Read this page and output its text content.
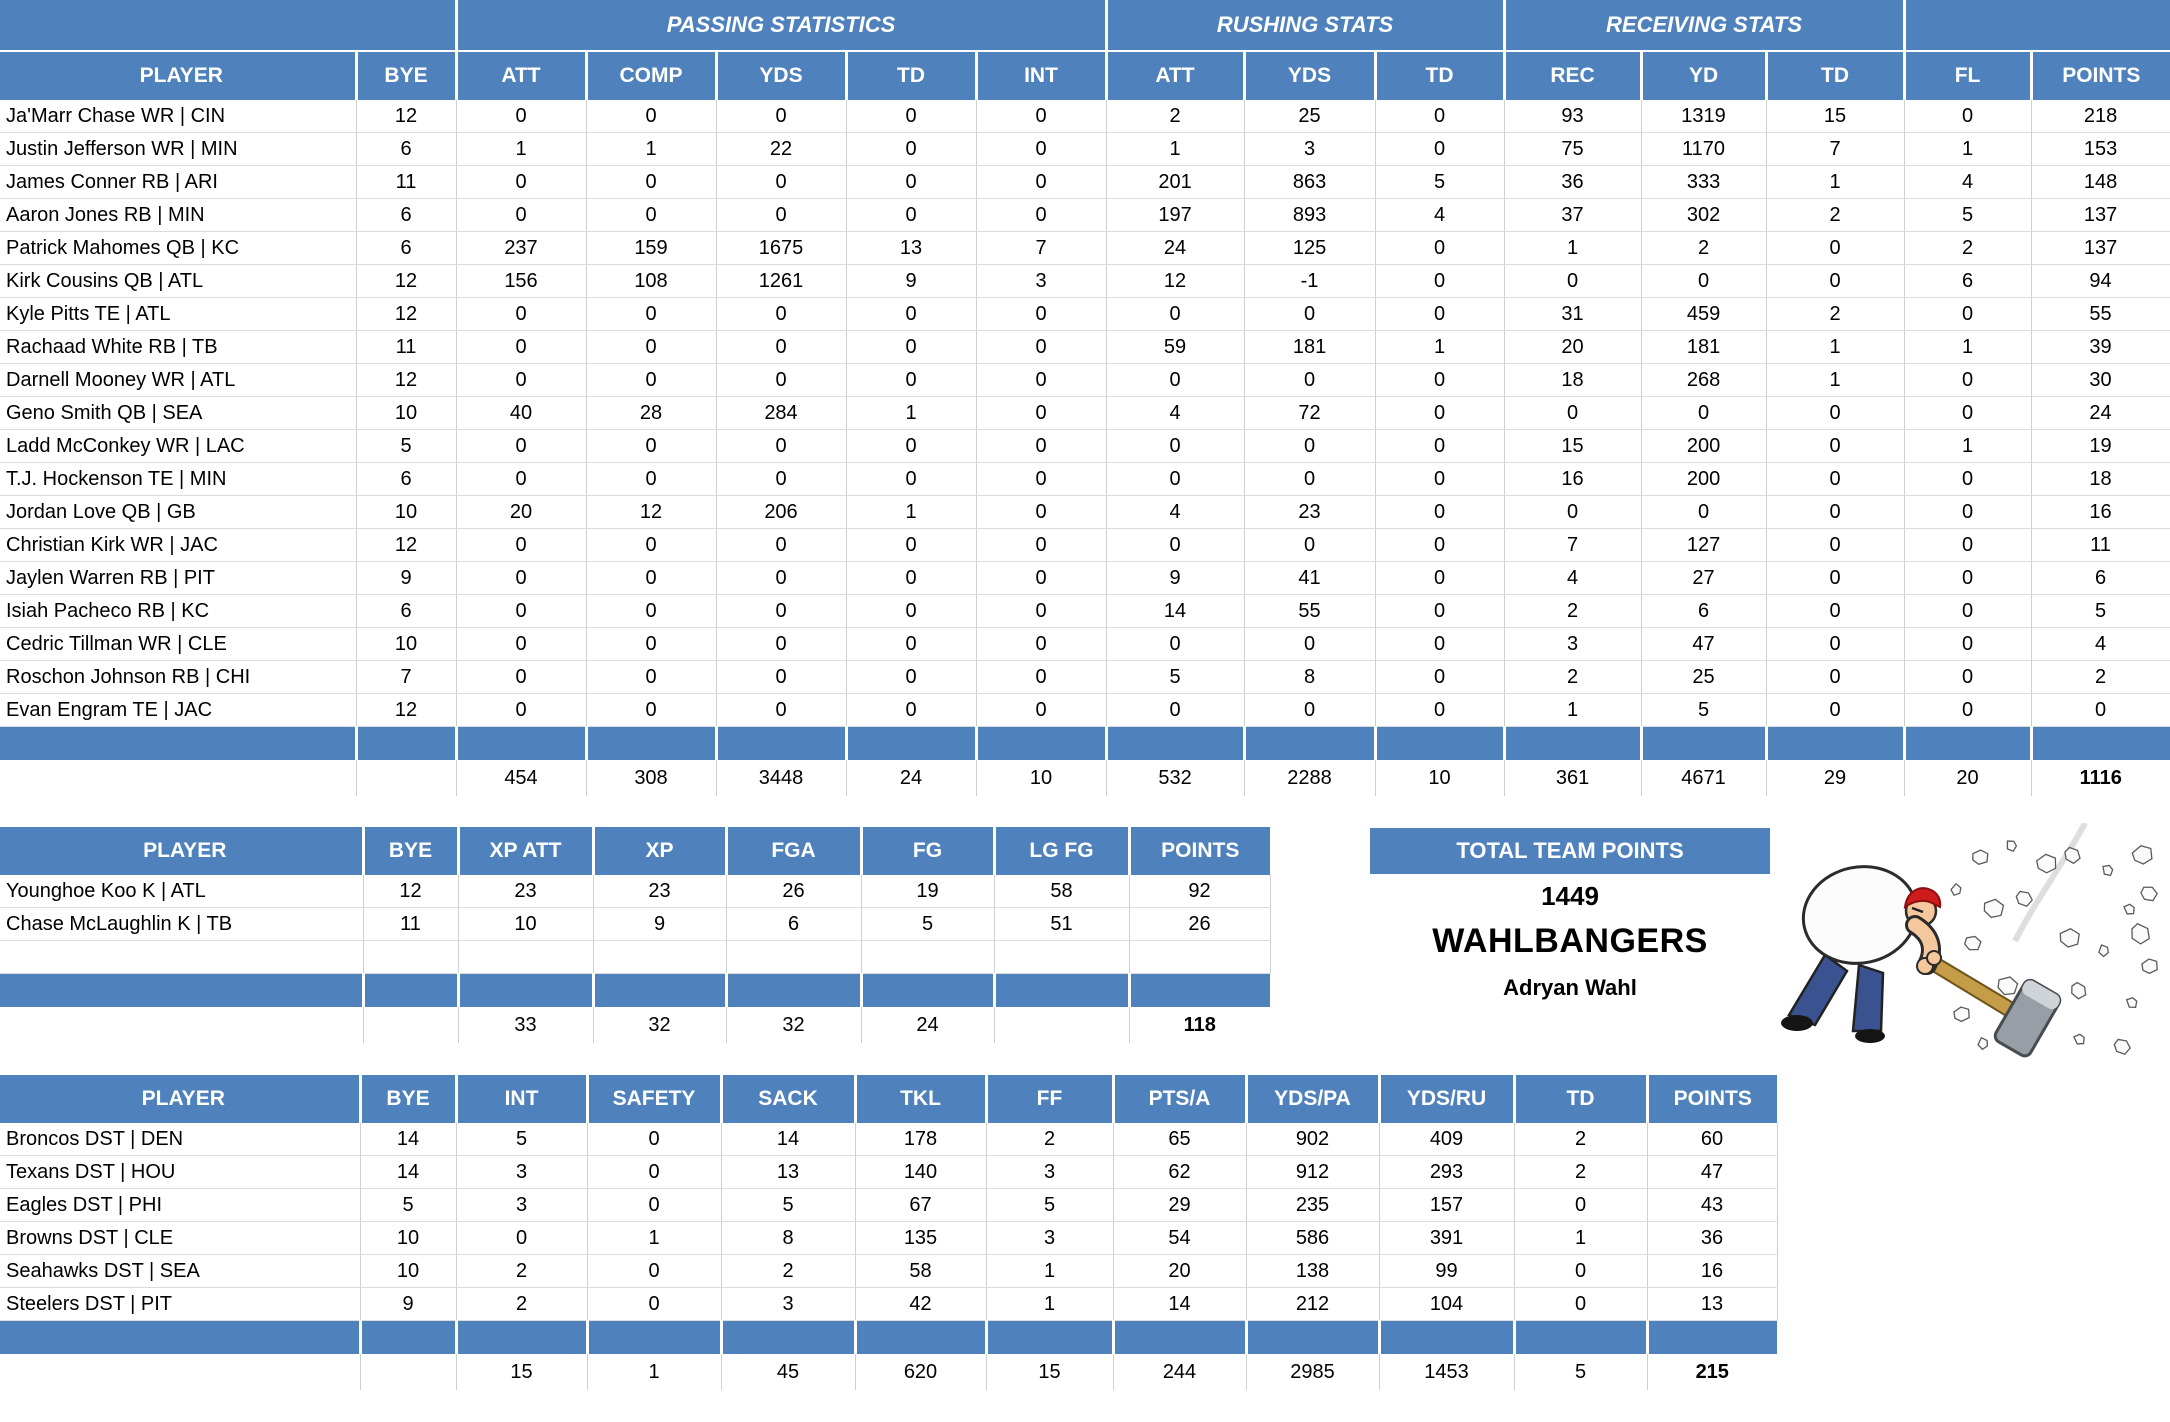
		PASSING STATISTICS					RUSHING STATS			RECEIVING STATS				
PLAYER	BYE	ATT	COMP	YDS	TD	INT	ATT	YDS	TD	REC	YD	TD	FL	POINTS
Ja'Marr Chase WR | CIN	12	0	0	0	0	0	2	25	0	93	1319	15	0	218
Justin Jefferson WR | MIN	6	1	1	22	0	0	1	3	0	75	1170	7	1	153
James Conner RB | ARI	11	0	0	0	0	0	201	863	5	36	333	1	4	148
Aaron Jones RB | MIN	6	0	0	0	0	0	197	893	4	37	302	2	5	137
Patrick Mahomes QB | KC	6	237	159	1675	13	7	24	125	0	1	2	0	2	137
Kirk Cousins QB | ATL	12	156	108	1261	9	3	12	-1	0	0	0	0	6	94
Kyle Pitts TE | ATL	12	0	0	0	0	0	0	0	0	31	459	2	0	55
Rachaad White RB | TB	11	0	0	0	0	0	59	181	1	20	181	1	1	39
Darnell Mooney WR | ATL	12	0	0	0	0	0	0	0	0	18	268	1	0	30
Geno Smith QB | SEA	10	40	28	284	1	0	4	72	0	0	0	0	0	24
Ladd McConkey WR | LAC	5	0	0	0	0	0	0	0	0	15	200	0	1	19
T.J. Hockenson TE | MIN	6	0	0	0	0	0	0	0	0	16	200	0	0	18
Jordan Love QB | GB	10	20	12	206	1	0	4	23	0	0	0	0	0	16
Christian Kirk WR | JAC	12	0	0	0	0	0	0	0	0	7	127	0	0	11
Jaylen Warren RB | PIT	9	0	0	0	0	0	9	41	0	4	27	0	0	6
Isiah Pacheco RB | KC	6	0	0	0	0	0	14	55	0	2	6	0	0	5
Cedric Tillman WR | CLE	10	0	0	0	0	0	0	0	0	3	47	0	0	4
Roschon Johnson RB | CHI	7	0	0	0	0	0	5	8	0	2	25	0	0	2
Evan Engram TE | JAC	12	0	0	0	0	0	0	0	0	1	5	0	0	0

		454	308	3448	24	10	532	2288	10	361	4671	29	20	1116
PLAYER	BYE	XP ATT	XP	FGA	FG	LG FG	POINTS
Younghoe Koo K | ATL	12	23	23	26	19	58	92
Chase McLaughlin K | TB	11	10	9	6	5	51	26

		33	32	32	24		118
TOTAL TEAM POINTS
1449
WAHLBANGERS
Adryan Wahl
PLAYER	BYE	INT	SAFETY	SACK	TKL	FF	PTS/A	YDS/PA	YDS/RU	TD	POINTS
Broncos DST | DEN	14	5	0	14	178	2	65	902	409	2	60
Texans DST | HOU	14	3	0	13	140	3	62	912	293	2	47
Eagles DST | PHI	5	3	0	5	67	5	29	235	157	0	43
Browns DST | CLE	10	0	1	8	135	3	54	586	391	1	36
Seahawks DST | SEA	10	2	0	2	58	1	20	138	99	0	16
Steelers DST | PIT	9	2	0	3	42	1	14	212	104	0	13

		15	1	45	620	15	244	2985	1453	5	215
